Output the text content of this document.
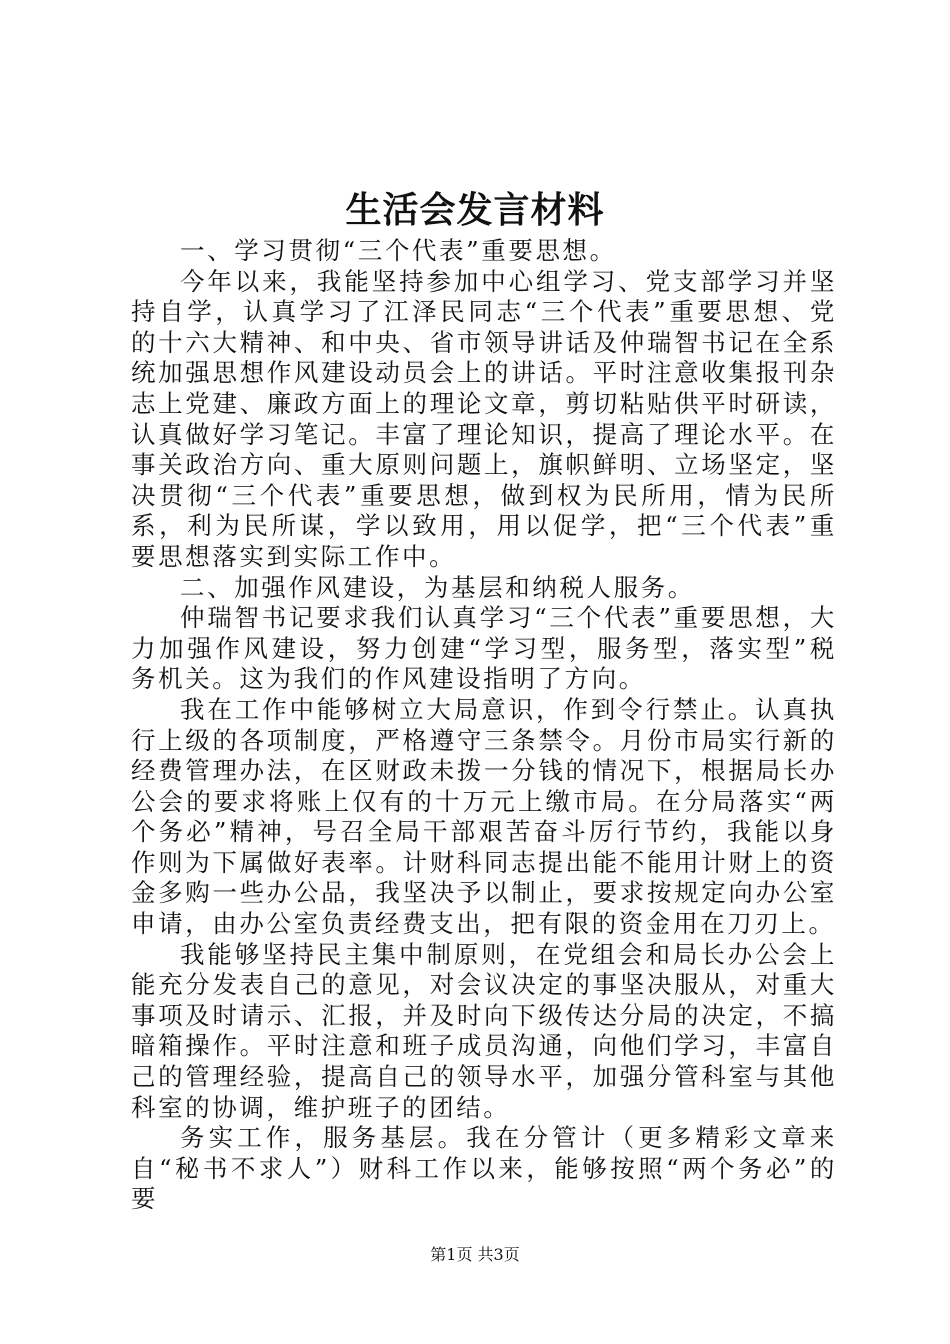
生活会发言材料

一、学习贯彻“三个代表”重要思想。

今年以来，我能坚持参加中心组学习、党支部学习并坚持自学，认真学习了江泽民同志“三个代表”重要思想、党的十六大精神、和中央、省市领导讲话及仲瑞智书记在全系统加强思想作风建设动员会上的讲话。平时注意收集报刊杂志上党建、廉政方面上的理论文章，剪切粘贴供平时研读，认真做好学习笔记。丰富了理论知识，提高了理论水平。在事关政治方向、重大原则问题上，旗帜鲜明、立场坚定，坚决贯彻“三个代表”重要思想，做到权为民所用，情为民所系，利为民所谋，学以致用，用以促学，把“三个代表”重要思想落实到实际工作中。

二、加强作风建设，为基层和纳税人服务。

仲瑞智书记要求我们认真学习“三个代表”重要思想，大力加强作风建设，努力创建“学习型，服务型，落实型”税务机关。这为我们的作风建设指明了方向。

我在工作中能够树立大局意识，作到令行禁止。认真执行上级的各项制度，严格遵守三条禁令。月份市局实行新的经费管理办法，在区财政未拨一分钱的情况下，根据局长办公会的要求将账上仅有的十万元上缴市局。在分局落实“两个务必”精神，号召全局干部艰苦奋斗厉行节约，我能以身作则为下属做好表率。计财科同志提出能不能用计财上的资金多购一些办公品，我坚决予以制止，要求按规定向办公室申请，由办公室负责经费支出，把有限的资金用在刀刃上。

我能够坚持民主集中制原则，在党组会和局长办公会上能充分发表自己的意见，对会议决定的事坚决服从，对重大事项及时请示、汇报，并及时向下级传达分局的决定，不搞暗箱操作。平时注意和班子成员沟通，向他们学习，丰富自己的管理经验，提高自己的领导水平，加强分管科室与其他科室的协调，维护班子的团结。

务实工作，服务基层。我在分管计（更多精彩文章来自“秘书不求人”）财科工作以来，能够按照“两个务必”的要

第1页 共3页
